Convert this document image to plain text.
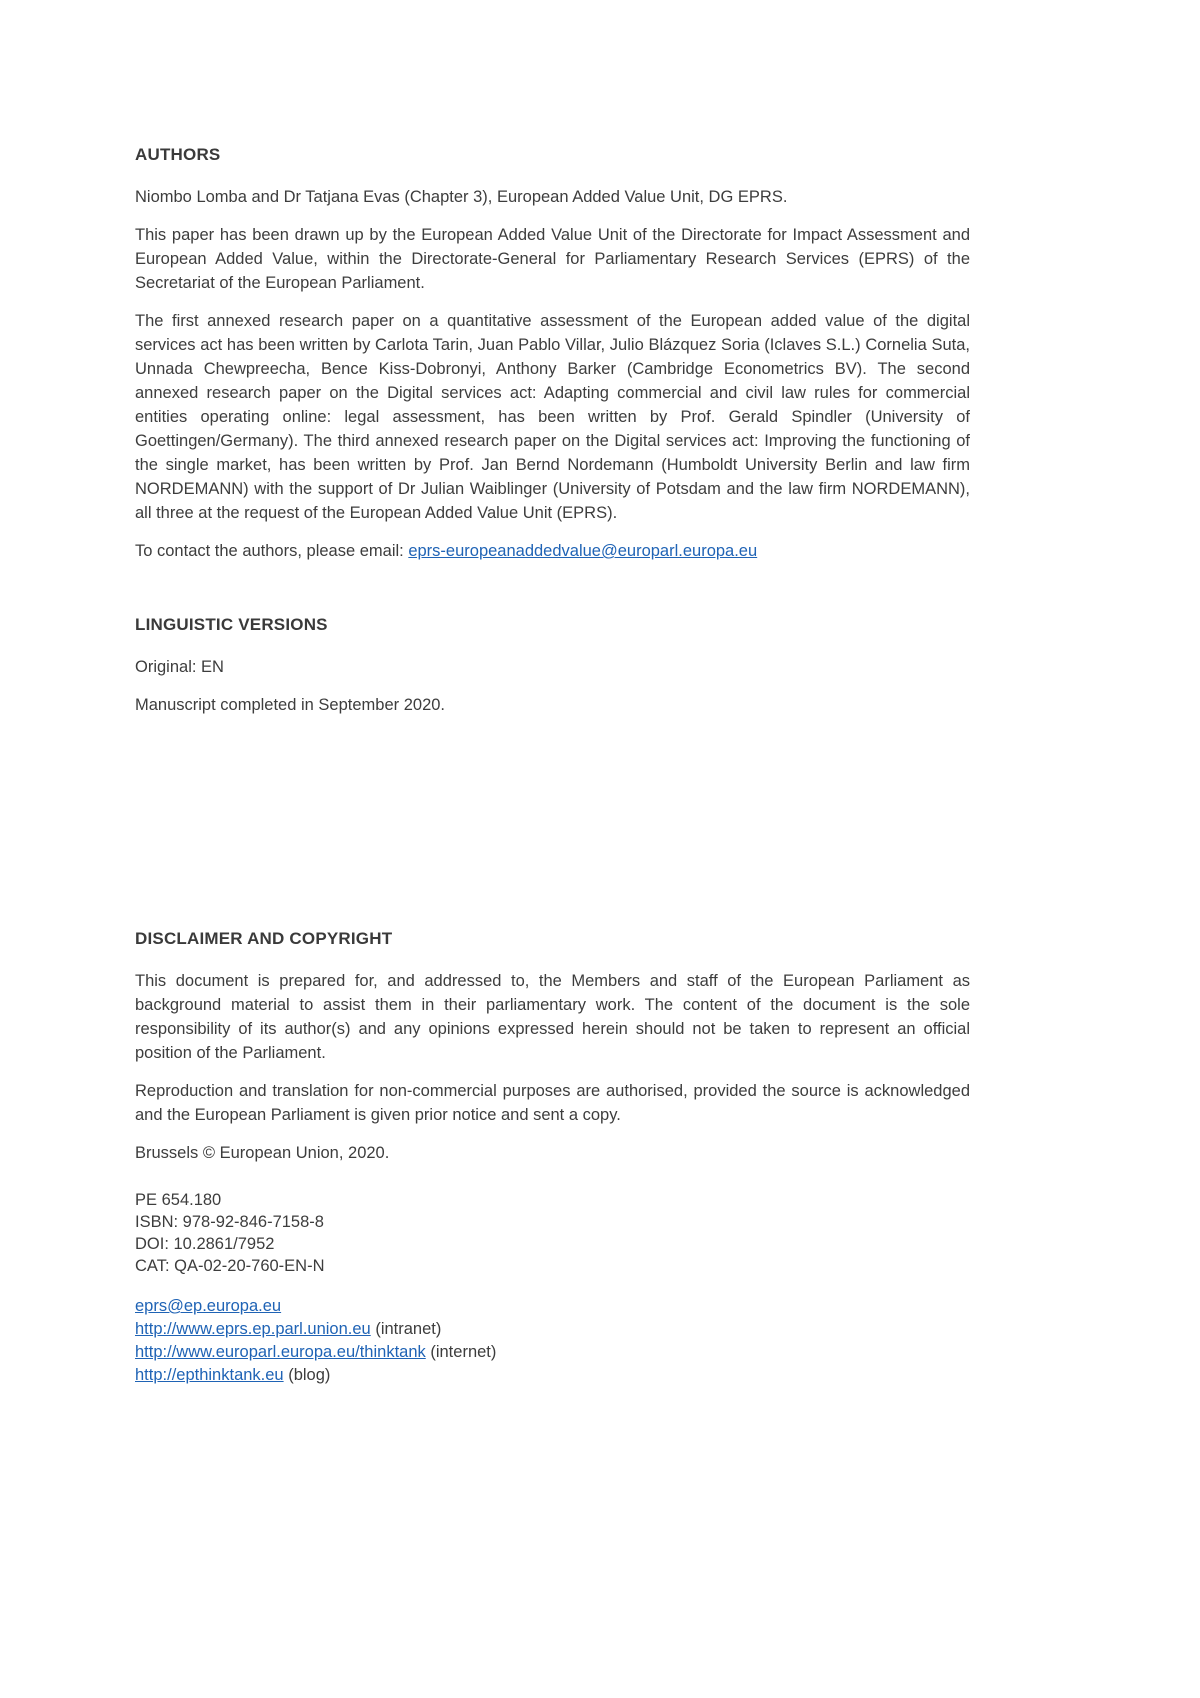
AUTHORS

Niombo Lomba and Dr Tatjana Evas (Chapter 3), European Added Value Unit, DG EPRS.

This paper has been drawn up by the European Added Value Unit of the Directorate for Impact Assessment and European Added Value, within the Directorate-General for Parliamentary Research Services (EPRS) of the Secretariat of the European Parliament.

The first annexed research paper on a quantitative assessment of the European added value of the digital services act has been written by Carlota Tarin, Juan Pablo Villar, Julio Blázquez Soria (Iclaves S.L.) Cornelia Suta, Unnada Chewpreecha, Bence Kiss-Dobronyi, Anthony Barker (Cambridge Econometrics BV). The second annexed research paper on the Digital services act: Adapting commercial and civil law rules for commercial entities operating online: legal assessment, has been written by Prof. Gerald Spindler (University of Goettingen/Germany). The third annexed research paper on the Digital services act: Improving the functioning of the single market, has been written by Prof. Jan Bernd Nordemann (Humboldt University Berlin and law firm NORDEMANN) with the support of Dr Julian Waiblinger (University of Potsdam and the law firm NORDEMANN), all three at the request of the European Added Value Unit (EPRS).

To contact the authors, please email: eprs-europeanaddedvalue@europarl.europa.eu

LINGUISTIC VERSIONS

Original: EN

Manuscript completed in September 2020.

DISCLAIMER AND COPYRIGHT

This document is prepared for, and addressed to, the Members and staff of the European Parliament as background material to assist them in their parliamentary work. The content of the document is the sole responsibility of its author(s) and any opinions expressed herein should not be taken to represent an official position of the Parliament.

Reproduction and translation for non-commercial purposes are authorised, provided the source is acknowledged and the European Parliament is given prior notice and sent a copy.

Brussels © European Union, 2020.

PE 654.180
ISBN: 978-92-846-7158-8
DOI: 10.2861/7952
CAT: QA-02-20-760-EN-N
eprs@ep.europa.eu
http://www.eprs.ep.parl.union.eu (intranet)
http://www.europarl.europa.eu/thinktank (internet)
http://epthinktank.eu (blog)
